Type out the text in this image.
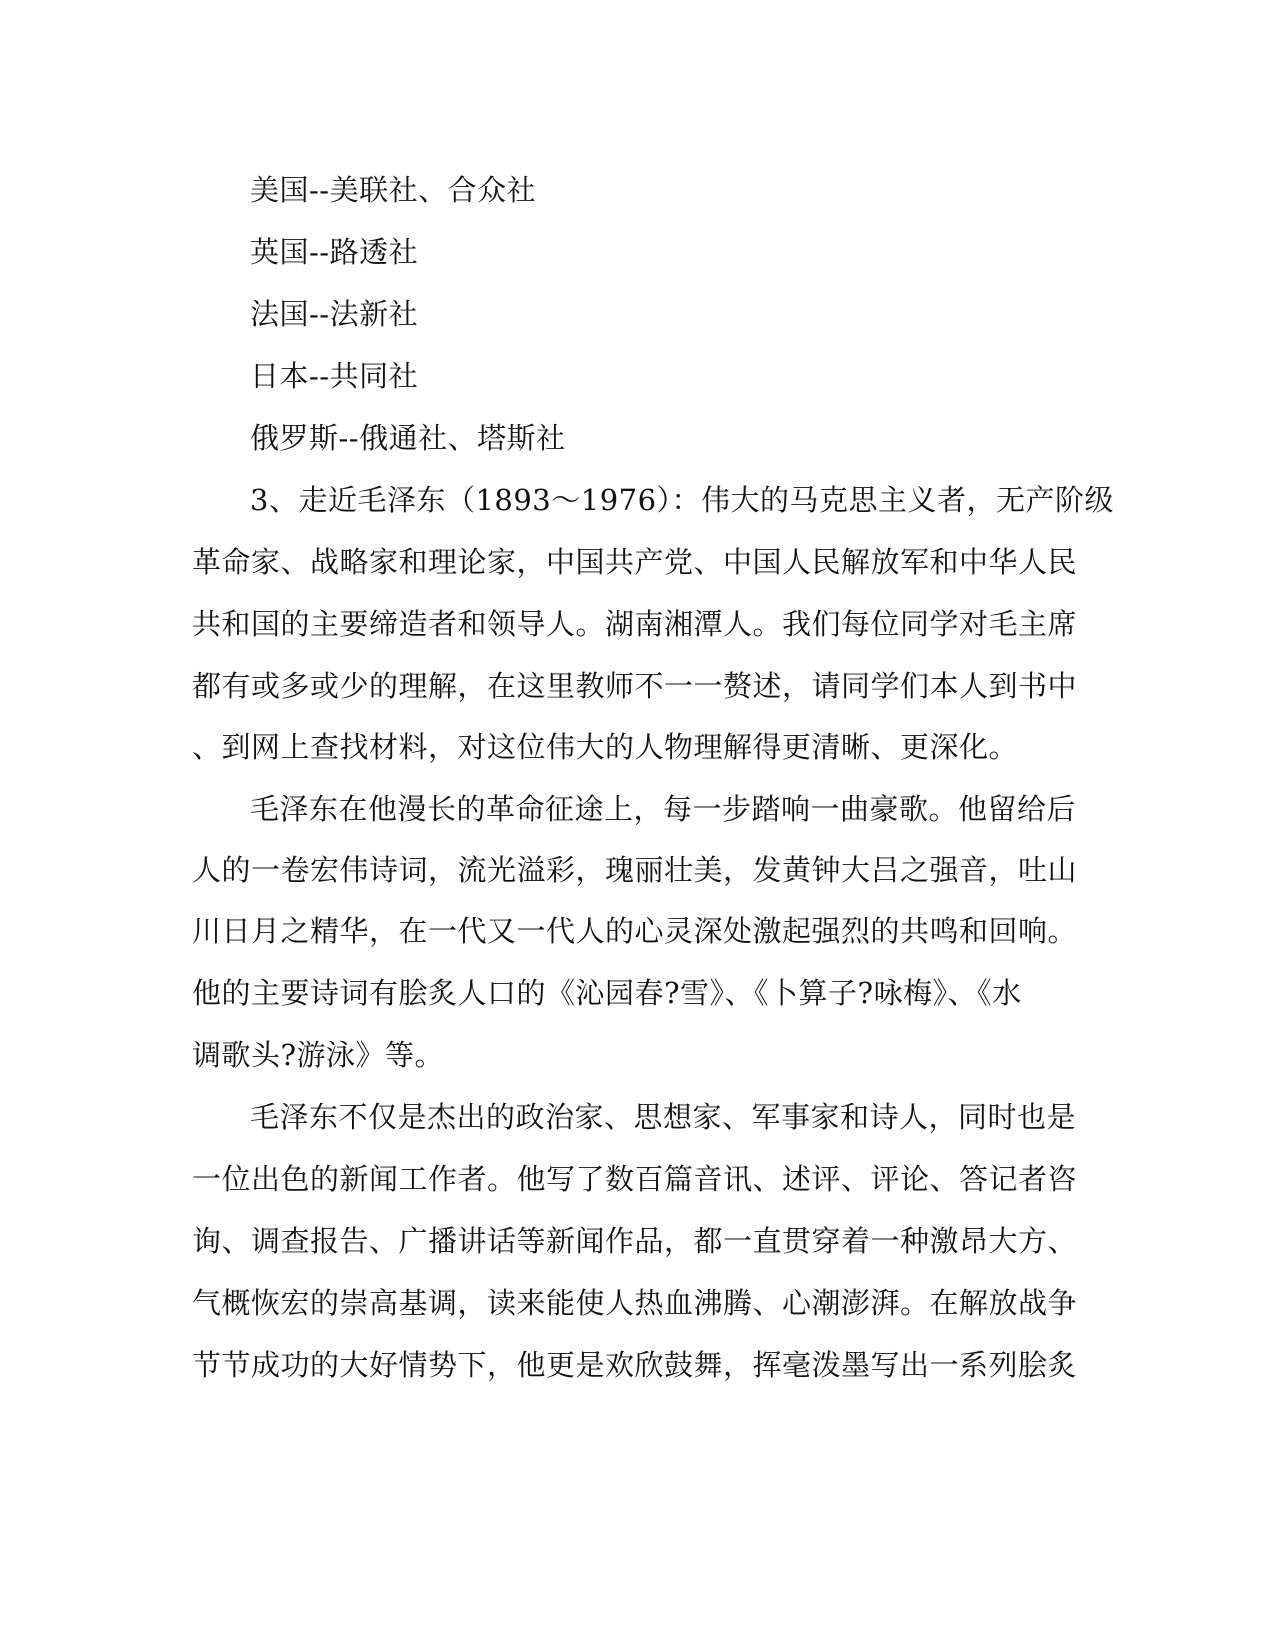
美国--美联社、合众社
英国--路透社
法国--法新社
日本--共同社
俄罗斯--俄通社、塔斯社
3、走近毛泽东（1893～1976）：伟大的马克思主义者，无产阶级
革命家、战略家和理论家，中国共产党、中国人民解放军和中华人民
共和国的主要缔造者和领导人。湖南湘潭人。我们每位同学对毛主席
都有或多或少的理解，在这里教师不一一赘述，请同学们本人到书中
、到网上查找材料，对这位伟大的人物理解得更清晰、更深化。
毛泽东在他漫长的革命征途上，每一步踏响一曲豪歌。他留给后
人的一卷宏伟诗词，流光溢彩，瑰丽壮美，发黄钟大吕之强音，吐山
川日月之精华，在一代又一代人的心灵深处激起强烈的共鸣和回响。
他的主要诗词有脍炙人口的《沁园春?雪》、《卜算子?咏梅》、《水
调歌头?游泳》等。
毛泽东不仅是杰出的政治家、思想家、军事家和诗人，同时也是
一位出色的新闻工作者。他写了数百篇音讯、述评、评论、答记者咨
询、调查报告、广播讲话等新闻作品，都一直贯穿着一种激昂大方、
气概恢宏的崇高基调，读来能使人热血沸腾、心潮澎湃。在解放战争
节节成功的大好情势下，他更是欢欣鼓舞，挥毫泼墨写出一系列脍炙
